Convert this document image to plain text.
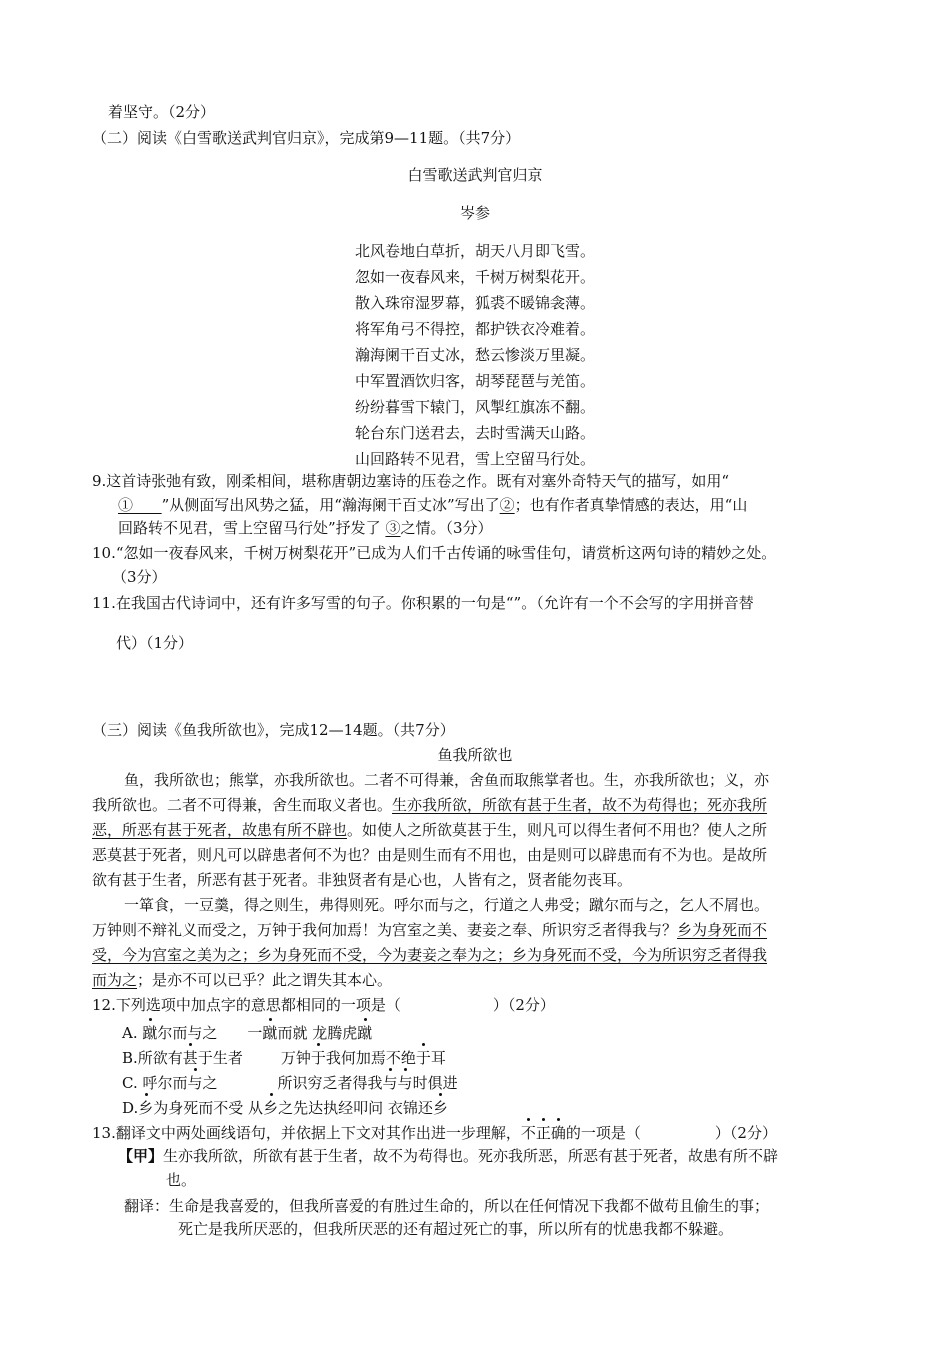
着坚守。（2分）
（二）阅读《白雪歌送武判官归京》，完成第9—11题。（共7分）
白雪歌送武判官归京
岑参
北风卷地白草折，胡天八月即飞雪。
忽如一夜春风来，千树万树梨花开。
散入珠帘湿罗幕，狐裘不暖锦衾薄。
将军角弓不得控，都护铁衣冷难着。
瀚海阑干百丈冰，愁云惨淡万里凝。
中军置酒饮归客，胡琴琵琶与羌笛。
纷纷暮雪下辕门，风掣红旗冻不翻。
轮台东门送君去，去时雪满天山路。
山回路转不见君，雪上空留马行处。
9.这首诗张弛有致，刚柔相间，堪称唐朝边塞诗的压卷之作。既有对塞外奇特天气的描写，如用“
① ”从侧面写出风势之猛，用“瀚海阑干百丈冰”写出了②；也有作者真挚情感的表达，用“山
回路转不见君，雪上空留马行处”抒发了 ③之情。（3分）
10.“忽如一夜春风来，千树万树梨花开”已成为人们千古传诵的咏雪佳句，请赏析这两句诗的精妙之处。
（3分）
11.在我国古代诗词中，还有许多写雪的句子。你积累的一句是“”。（允许有一个不会写的字用拼音替
代）（1分）
（三）阅读《鱼我所欲也》，完成12—14题。（共7分）
鱼我所欲也
鱼，我所欲也；熊掌，亦我所欲也。二者不可得兼，舍鱼而取熊掌者也。生，亦我所欲也；义，亦
我所欲也。二者不可得兼，舍生而取义者也。生亦我所欲，所欲有甚于生者，故不为苟得也；死亦我所
恶，所恶有甚于死者，故患有所不辟也。如使人之所欲莫甚于生，则凡可以得生者何不用也？使人之所
恶莫甚于死者，则凡可以辟患者何不为也？由是则生而有不用也，由是则可以辟患而有不为也。是故所
欲有甚于生者，所恶有甚于死者。非独贤者有是心也，人皆有之，贤者能勿丧耳。
一箪食，一豆羹，得之则生，弗得则死。呼尔而与之，行道之人弗受；蹴尔而与之，乞人不屑也。
万钟则不辩礼义而受之，万钟于我何加焉！为宫室之美、妻妾之奉、所识穷乏者得我与？乡为身死而不
受，今为宫室之美为之；乡为身死而不受，今为妻妾之奉为之；乡为身死而不受，今为所识穷乏者得我
而为之；是亦不可以已乎？此之谓失其本心。
12.下列选项中加点字的意思都相同的一项是（	）（2分）
A. 蹴尔而与之 一蹴而就 龙腾虎蹴
B.所欲有甚于生者	万钟于我何加焉不绝于耳
C. 呼尔而与之	所识穷乏者得我与与时俱进
D.乡为身死而不受 从乡之先达执经叩问 衣锦还乡
13.翻译文中两处画线语句，并依据上下文对其作出进一步理解，不正确的一项是（	）（2分）
【甲】生亦我所欲，所欲有甚于生者，故不为苟得也。死亦我所恶，所恶有甚于死者，故患有所不辟
也。
翻译：生命是我喜爱的，但我所喜爱的有胜过生命的，所以在任何情况下我都不做苟且偷生的事；
死亡是我所厌恶的，但我所厌恶的还有超过死亡的事，所以所有的忧患我都不躲避。
